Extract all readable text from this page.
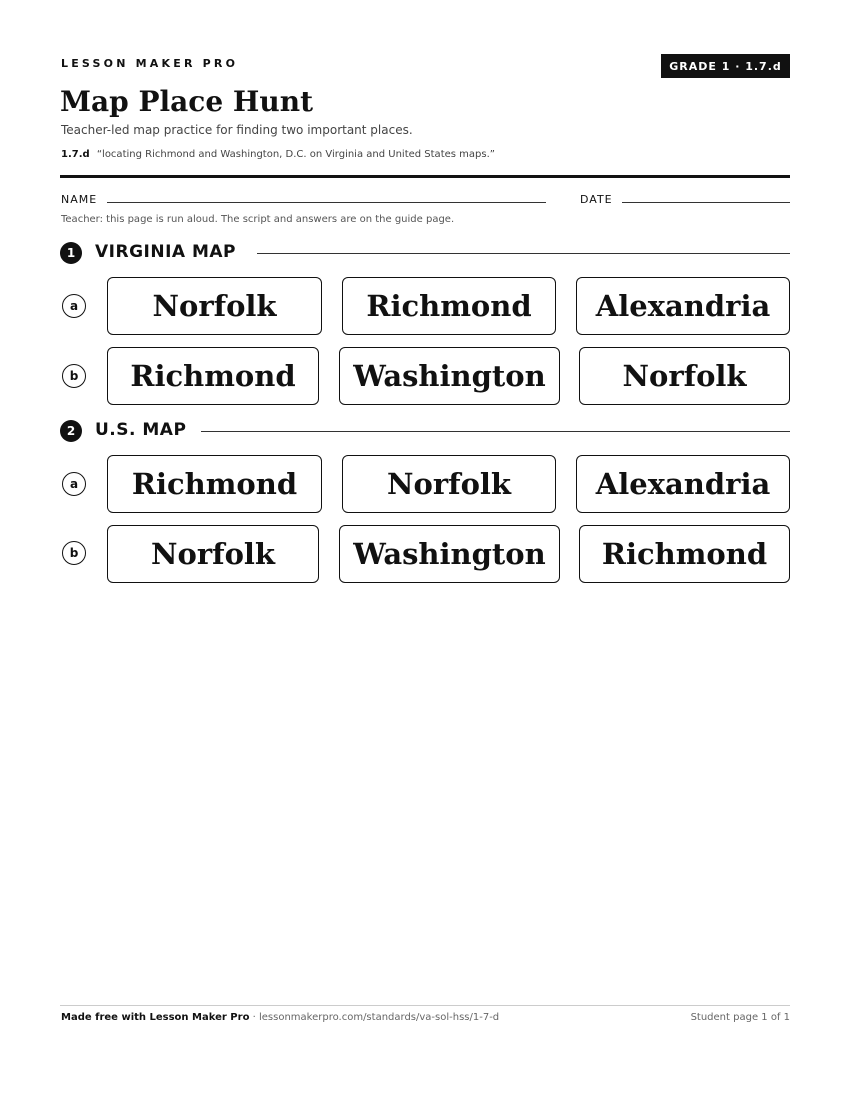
LESSON MAKER PRO	GRADE 1 · 1.7.d
Map Place Hunt
Teacher-led map practice for finding two important places.
1.7.d “locating Richmond and Washington, D.C. on Virginia and United States maps.”
NAME	DATE
Teacher: this page is run aloud. The script and answers are on the guide page.
1	VIRGINIA MAP
a	Norfolk	Richmond	Alexandria
b	Richmond	Washington	Norfolk
2	U.S. MAP
a	Richmond	Norfolk	Alexandria
b	Norfolk	Washington	Richmond
Made free with Lesson Maker Pro · lessonmakerpro.com/standards/va-sol-hss/1-7-d	Student page 1 of 1
